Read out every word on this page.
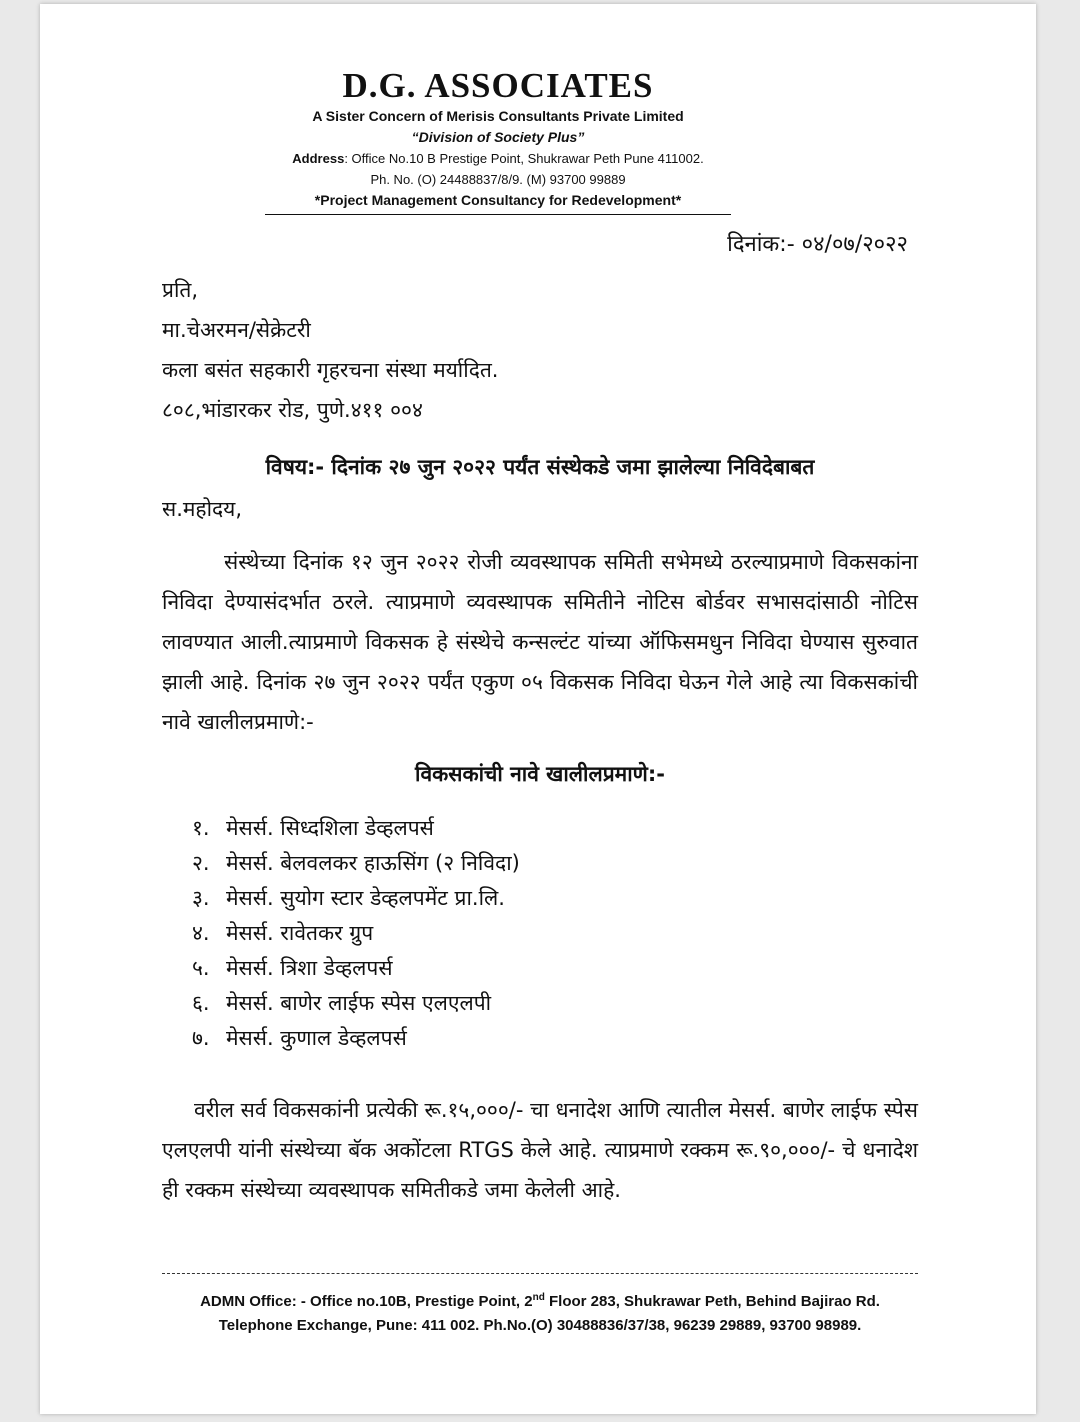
D.G. ASSOCIATES
A Sister Concern of Merisis Consultants Private Limited
“Division of Society Plus”
Address: Office No.10 B Prestige Point, Shukrawar Peth Pune 411002.
Ph. No. (O) 24488837/8/9. (M) 93700 99889
*Project Management Consultancy for Redevelopment*
दिनांक:- ०४/०७/२०२२
प्रति,
मा.चेअरमन/सेक्रेटरी
कला बसंत सहकारी गृहरचना संस्था मर्यादित.
८०८,भांडारकर रोड, पुणे.४११ ००४
विषय:- दिनांक २७ जुन २०२२ पर्यंत संस्थेकडे जमा झालेल्या निविदेबाबत
स.महोदय,
संस्थेच्या दिनांक १२ जुन २०२२ रोजी व्यवस्थापक समिती सभेमध्ये ठरल्याप्रमाणे विकसकांना निविदा देण्यासंदर्भात ठरले. त्याप्रमाणे व्यवस्थापक समितीने नोटिस बोर्डवर सभासदांसाठी नोटिस लावण्यात आली.त्याप्रमाणे विकसक हे संस्थेचे कन्सल्टंट यांच्या ऑफिसमधुन निविदा घेण्यास सुरुवात झाली आहे. दिनांक २७ जुन २०२२ पर्यंत एकुण ०५ विकसक निविदा घेऊन गेले आहे त्या विकसकांची नावे खालीलप्रमाणे:-
विकसकांची नावे खालीलप्रमाणे:-
१. मेसर्स. सिध्दशिला डेव्हलपर्स
२. मेसर्स. बेलवलकर हाऊसिंग (२ निविदा)
३. मेसर्स. सुयोग स्टार डेव्हलपमेंट प्रा.लि.
४. मेसर्स. रावेतकर ग्रुप
५. मेसर्स. त्रिशा डेव्हलपर्स
६. मेसर्स. बाणेर लाईफ स्पेस एलएलपी
७. मेसर्स. कुणाल डेव्हलपर्स
वरील सर्व विकसकांनी प्रत्येकी रू.१५,०००/- चा धनादेश आणि त्यातील मेसर्स. बाणेर लाईफ स्पेस एलएलपी यांनी संस्थेच्या बॅक अकोंटला RTGS केले आहे. त्याप्रमाणे रक्कम रू.९०,०००/- चे धनादेश ही रक्कम संस्थेच्या व्यवस्थापक समितीकडे जमा केलेली आहे.
ADMN Office: - Office no.10B, Prestige Point, 2nd Floor 283, Shukrawar Peth, Behind Bajirao Rd.
Telephone Exchange, Pune: 411 002. Ph.No.(O) 30488836/37/38, 96239 29889, 93700 98989.
